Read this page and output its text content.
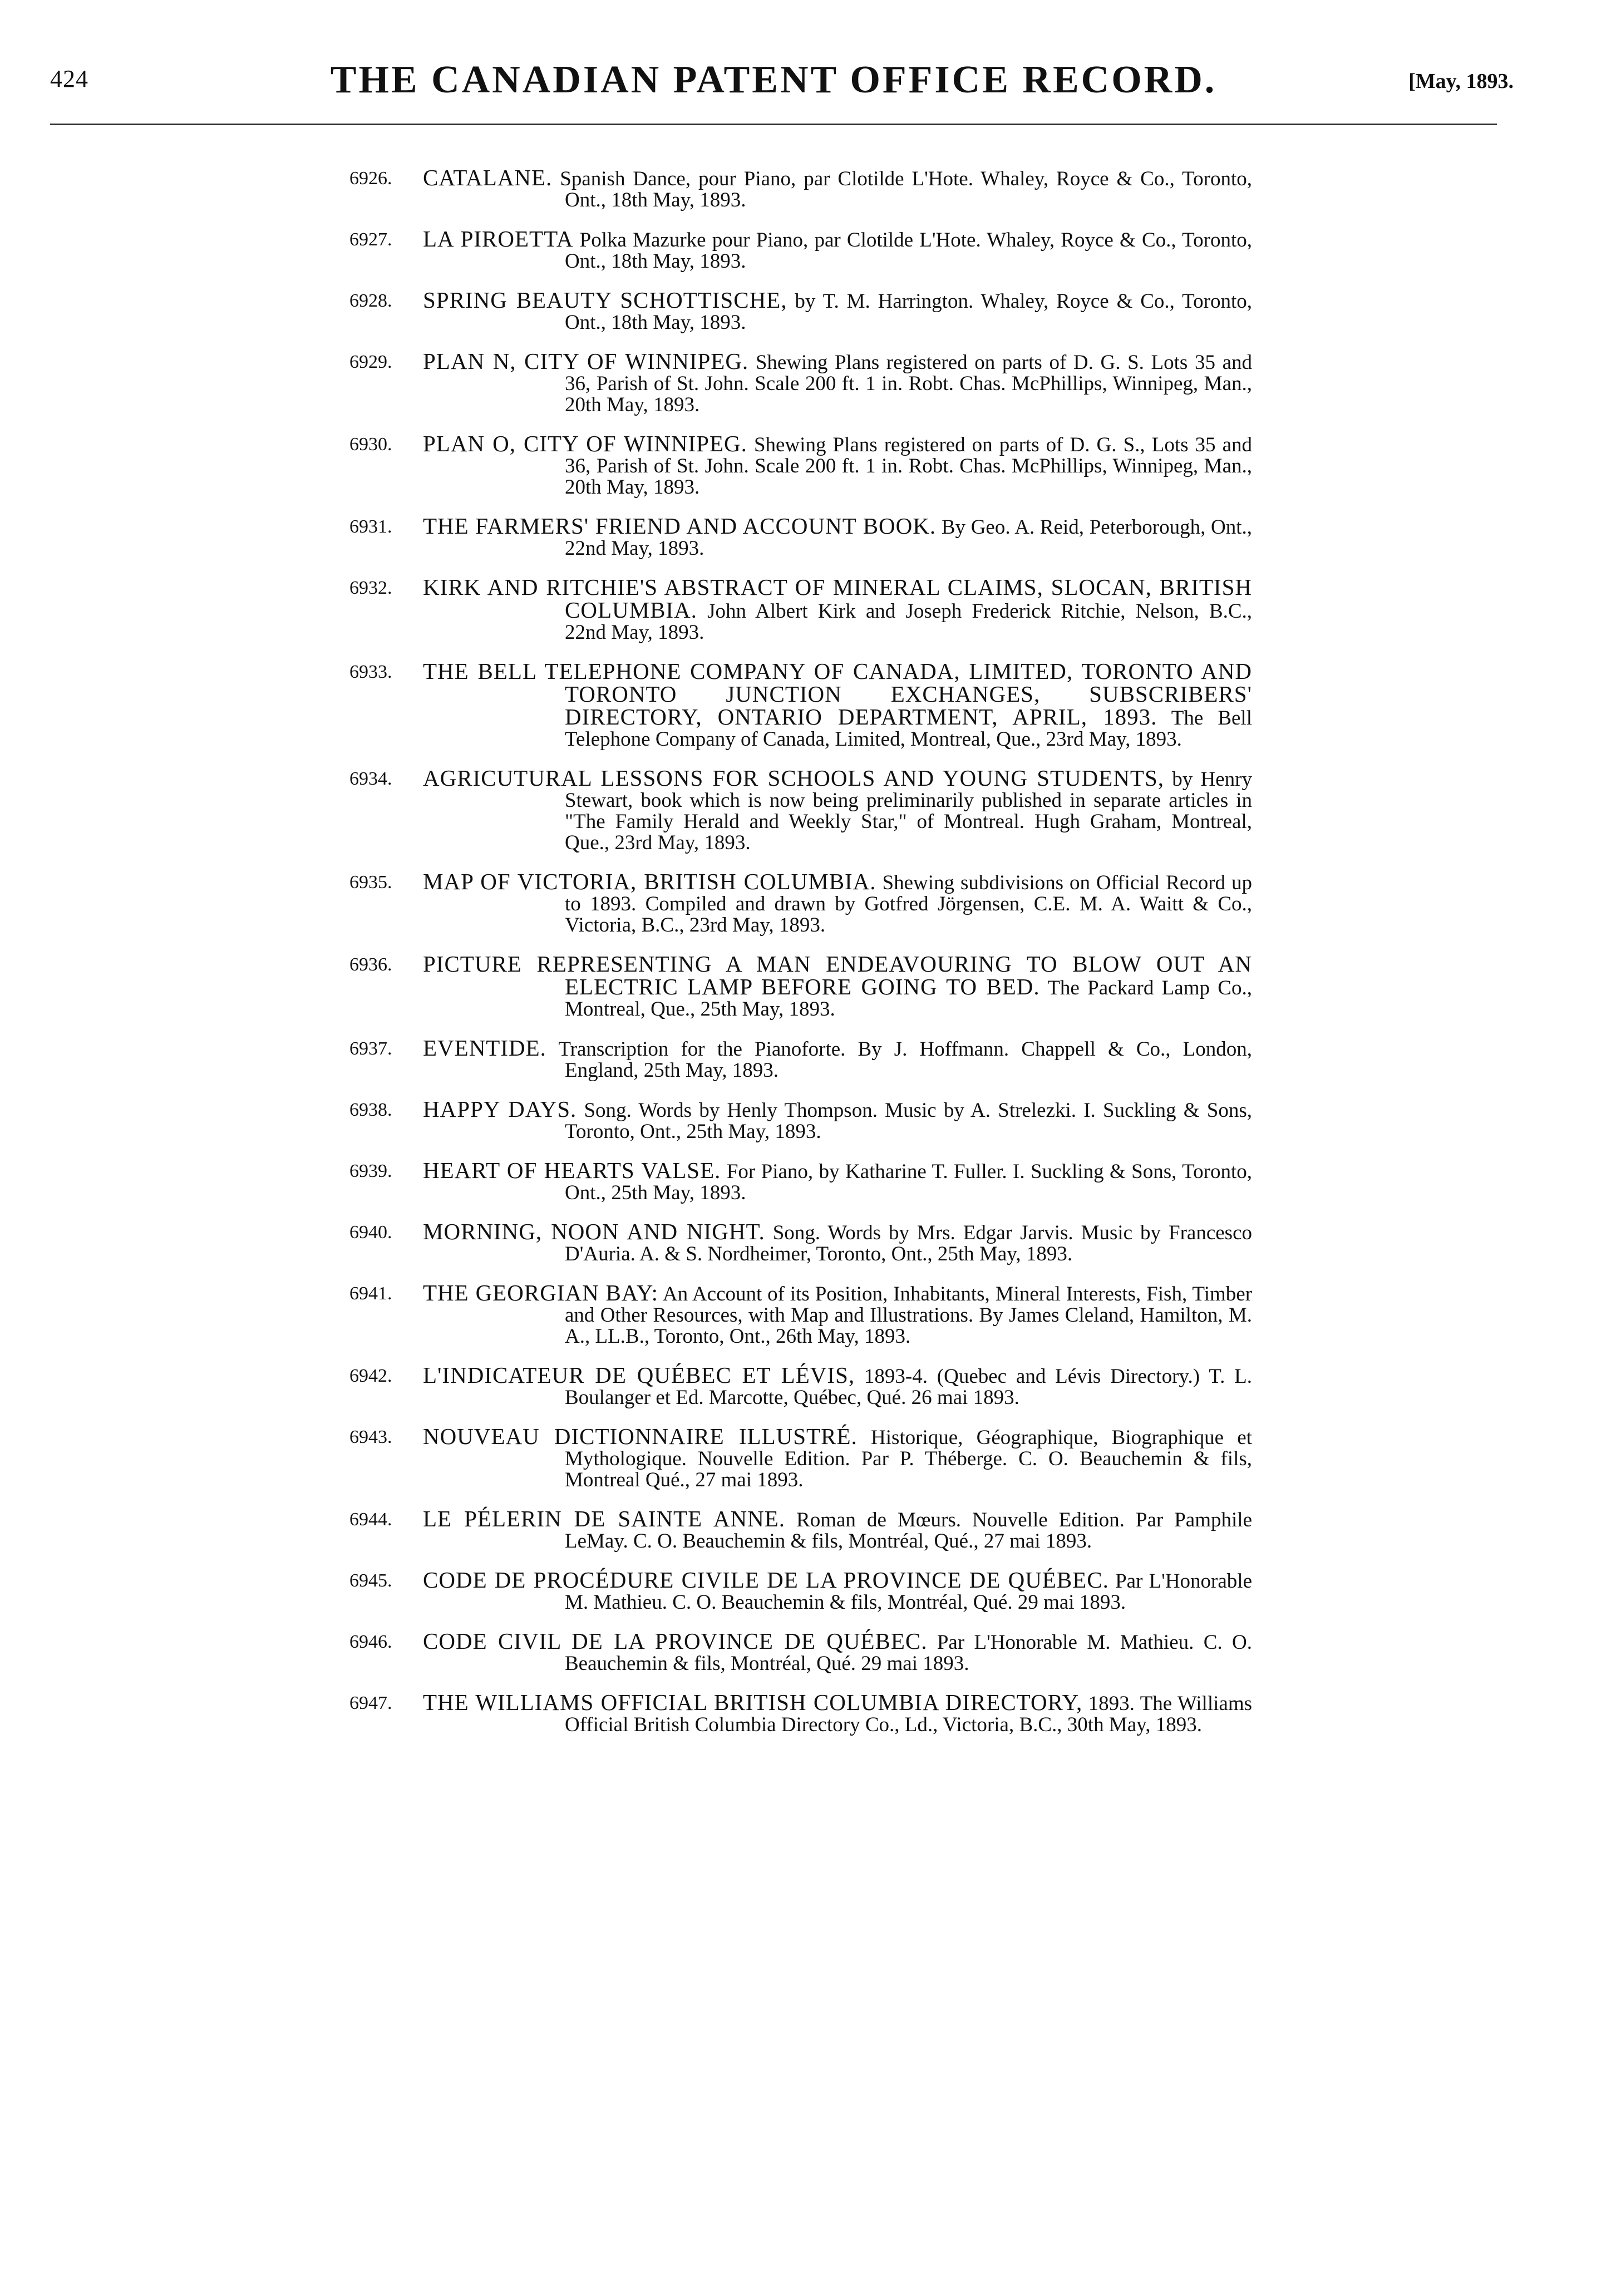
424	THE CANADIAN PATENT OFFICE RECORD.	[May, 1893.
6926.	CATALANE. Spanish Dance, pour Piano, par Clotilde L'Hote. Whaley, Royce & Co., Toronto, Ont., 18th May, 1893.
6927.	LA PIROETTA Polka Mazurke pour Piano, par Clotilde L'Hote. Whaley, Royce & Co., Toronto, Ont., 18th May, 1893.
6928.	SPRING BEAUTY SCHOTTISCHE, by T. M. Harrington. Whaley, Royce & Co., Toronto, Ont., 18th May, 1893.
6929.	PLAN N, CITY OF WINNIPEG. Shewing Plans registered on parts of D. G. S. Lots 35 and 36, Parish of St. John. Scale 200 ft. 1 in. Robt. Chas. McPhillips, Winnipeg, Man., 20th May, 1893.
6930.	PLAN O, CITY OF WINNIPEG. Shewing Plans registered on parts of D. G. S., Lots 35 and 36, Parish of St. John. Scale 200 ft. 1 in. Robt. Chas. McPhillips, Winnipeg, Man., 20th May, 1893.
6931.	THE FARMERS' FRIEND AND ACCOUNT BOOK. By Geo. A. Reid, Peterborough, Ont., 22nd May, 1893.
6932.	KIRK AND RITCHIE'S ABSTRACT OF MINERAL CLAIMS, SLOCAN, BRITISH COLUMBIA. John Albert Kirk and Joseph Frederick Ritchie, Nelson, B.C., 22nd May, 1893.
6933.	THE BELL TELEPHONE COMPANY OF CANADA, LIMITED, TORONTO AND TORONTO JUNCTION EXCHANGES, SUBSCRIBERS' DIRECTORY, ONTARIO DEPARTMENT, APRIL, 1893. The Bell Telephone Company of Canada, Limited, Montreal, Que., 23rd May, 1893.
6934.	AGRICUTURAL LESSONS FOR SCHOOLS AND YOUNG STUDENTS, by Henry Stewart, book which is now being preliminarily published in separate articles in "The Family Herald and Weekly Star," of Montreal. Hugh Graham, Montreal, Que., 23rd May, 1893.
6935.	MAP OF VICTORIA, BRITISH COLUMBIA. Shewing subdivisions on Official Record up to 1893. Compiled and drawn by Gotfred Jörgensen, C.E. M. A. Waitt & Co., Victoria, B.C., 23rd May, 1893.
6936.	PICTURE REPRESENTING A MAN ENDEAVOURING TO BLOW OUT AN ELECTRIC LAMP BEFORE GOING TO BED. The Packard Lamp Co., Montreal, Que., 25th May, 1893.
6937.	EVENTIDE. Transcription for the Pianoforte. By J. Hoffmann. Chappell & Co., London, England, 25th May, 1893.
6938.	HAPPY DAYS. Song. Words by Henly Thompson. Music by A. Strelezki. I. Suckling & Sons, Toronto, Ont., 25th May, 1893.
6939.	HEART OF HEARTS VALSE. For Piano, by Katharine T. Fuller. I. Suckling & Sons, Toronto, Ont., 25th May, 1893.
6940.	MORNING, NOON AND NIGHT. Song. Words by Mrs. Edgar Jarvis. Music by Francesco D'Auria. A. & S. Nordheimer, Toronto, Ont., 25th May, 1893.
6941.	THE GEORGIAN BAY: An Account of its Position, Inhabitants, Mineral Interests, Fish, Timber and Other Resources, with Map and Illustrations. By James Cleland, Hamilton, M. A., LL.B., Toronto, Ont., 26th May, 1893.
6942.	L'INDICATEUR DE QUÉBEC ET LÉVIS, 1893-4. (Quebec and Lévis Directory.) T. L. Boulanger et Ed. Marcotte, Québec, Qué. 26 mai 1893.
6943.	NOUVEAU DICTIONNAIRE ILLUSTRÉ. Historique, Géographique, Biographique et Mythologique. Nouvelle Edition. Par P. Théberge. C. O. Beauchemin & fils, Montreal Qué., 27 mai 1893.
6944.	LE PÉLERIN DE SAINTE ANNE. Roman de Mœurs. Nouvelle Edition. Par Pamphile LeMay. C. O. Beauchemin & fils, Montréal, Qué., 27 mai 1893.
6945.	CODE DE PROCÉDURE CIVILE DE LA PROVINCE DE QUÉBEC. Par L'Honorable M. Mathieu. C. O. Beauchemin & fils, Montréal, Qué. 29 mai 1893.
6946.	CODE CIVIL DE LA PROVINCE DE QUÉBEC. Par L'Honorable M. Mathieu. C. O. Beauchemin & fils, Montréal, Qué. 29 mai 1893.
6947.	THE WILLIAMS OFFICIAL BRITISH COLUMBIA DIRECTORY, 1893. The Williams Official British Columbia Directory Co., Ld., Victoria, B.C., 30th May, 1893.
